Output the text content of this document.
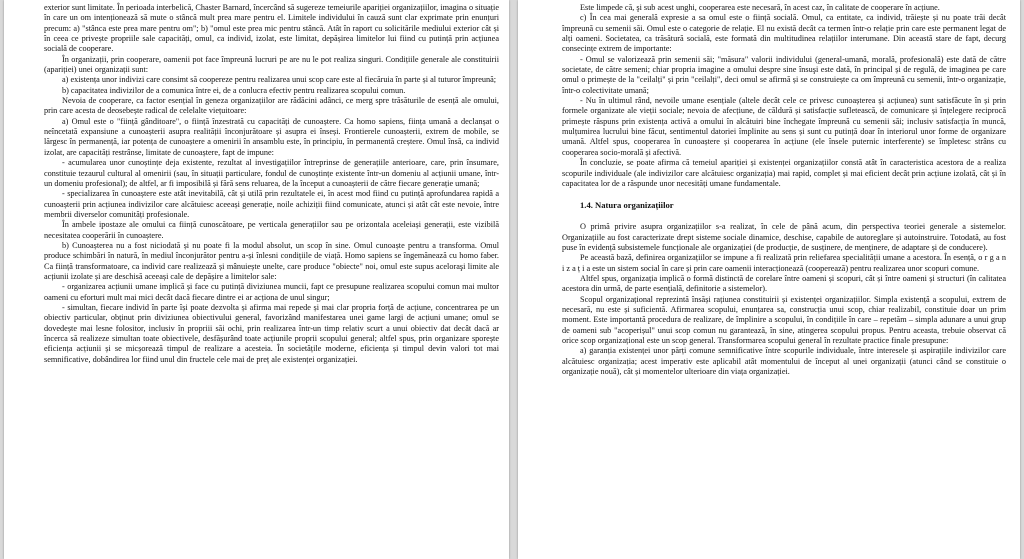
exterior sunt limitate. În perioada interbelică, Chaster Barnard, încercând să sugereze temeiurile apariției organizațiilor, imagina o situație în care un om intenționează să mute o stâncă mult prea mare pentru el. Limitele individului în cauză sunt clar exprimate prin enunțuri precum: a) "stânca este prea mare pentru om"; b) "omul este prea mic pentru stâncă. Atât în raport cu solicitările mediului exterior cât și în ceea ce privește propriile sale capacități, omul, ca individ, izolat, este limitat, depășirea limitelor lui fiind cu putință prin acțiunea socială de cooperare.

În organizații, prin cooperare, oamenii pot face împreună lucruri pe are nu le pot realiza singuri. Condițiile generale ale constituirii (apariției) unei organizații sunt:

a) existența unor indivizi care consimt să coopereze pentru realizarea unui scop care este al fiecăruia în parte și al tuturor împreună;

b) capacitatea indivizilor de a comunica între ei, de a conlucra efectiv pentru realizarea scopului comun.

Nevoia de cooperare, ca factor esențial în geneza organizațiilor are rădăcini adânci, ce merg spre trăsăturile de esență ale omului, prin care acesta de deosebește radical de celelalte viețuitoare:

a) Omul este o "ființă gânditoare", o ființă înzestrată cu capacități de cunoaștere. Ca homo sapiens, ființa umană a declanșat o neîncetată expansiune a cunoașterii asupra realității înconjurătoare și asupra ei înseși. Frontierele cunoașterii, extrem de mobile, se lărgesc în permanență, iar potența de cunoaștere a omenirii în ansamblu este, în principiu, în permanentă creștere. Omul însă, ca individ izolat, are capacități restrânse, limitate de cunoaștere, fapt de impune:

- acumularea unor cunoștințe deja existente, rezultat al investigațiilor întreprinse de generațiile anterioare, care, prin însumare, constituie tezaurul cultural al omenirii (sau, în situații particulare, fondul de cunoștințe existente într-un domeniu al acțiunii umane, într-un domeniu profesional); de altfel, ar fi imposibilă și fără sens reluarea, de la început a cunoașterii de către fiecare generație umană;

- specializarea în cunoaștere este atât inevitabilă, cât și utilă prin rezultatele ei, în acest mod fiind cu putință aprofundarea rapidă a cunoașterii prin acțiunea indivizilor care alcătuiesc aceeași generație, noile achiziții fiind comunicate, atunci și atât cât este nevoie, între membrii diverselor comunități profesionale.

În ambele ipostaze ale omului ca ființă cunoscătoare, pe verticala generațiilor sau pe orizontala aceleiași generații, este vizibilă necesitatea cooperării în cunoaștere.

b) Cunoașterea nu a fost niciodată și nu poate fi la modul absolut, un scop în sine. Omul cunoaște pentru a transforma. Omul produce schimbări în natură, în mediul înconjurător pentru a-și înlesni condițiile de viață. Homo sapiens se îngemănează cu homo faber. Ca ființă transformatoare, ca individ care realizează și mânuiește unelte, care produce "obiecte" noi, omul este supus aceloraşi limite ale acțiunii izolate și are deschisă aceeași cale de depășire a limitelor sale:

- organizarea acțiunii umane implică și face cu putință diviziunea muncii, fapt ce presupune realizarea scopului comun mai multor oameni cu eforturi mult mai mici decât dacă fiecare dintre ei ar acționa de unul singur;

- simultan, fiecare individ în parte își poate dezvolta și afirma mai repede și mai clar propria forță de acțiune, concentrarea pe un obiectiv particular, obținut prin diviziunea obiectivului general, favorizând manifestarea unei game largi de acțiuni umane; omul se dovedește mai lesne folositor, inclusiv în propriii săi ochi, prin realizarea într-un timp relativ scurt a unui obiectiv dat decât dacă ar încerca să realizeze simultan toate obiectivele, desfășurând toate acțiunile proprii scopului general; altfel spus, prin organizare sporește eficiența acțiunii și se micșorează timpul de realizare a acesteia. În societățile moderne, eficiența și timpul devin valori tot mai semnificative, dobândirea lor fiind unul din fructele cele mai de preț ale existenței organizației.

Este limpede că, şi sub acest unghi, cooperarea este necesară, în acest caz, în calitate de cooperare în acțiune.

c) În cea mai generală expresie a sa omul este o ființă socială. Omul, ca entitate, ca individ, trăiește și nu poate trăi decât împreună cu semenii săi. Omul este o categorie de relație. El nu există decât ca termen într-o relație prin care este permanent legat de alți oameni. Societatea, ca trăsătură socială, este formată din multitudinea relațiilor interumane. Din această stare de fapt, decurg consecințe extrem de importante:

- Omul se valorizează prin semenii săi; "măsura" valorii individului (general-umană, morală, profesională) este dată de către societate, de către semeni; chiar propria imagine a omului despre sine însuşi este dată, în principal și de regulă, de imaginea pe care omul o primește de la "ceilalți" și prin "ceilalți", deci omul se afirmă și se construiește ca om împreună cu semenii, într-o organizație, într-o colectivitate umană;

- Nu în ultimul rând, nevoile umane esențiale (altele decât cele ce privesc cunoașterea și acțiunea) sunt satisfăcute în și prin formele organizate ale vieții sociale; nevoia de afecțiune, de căldură și satisfacție sufletească, de comunicare și înțelegere reciprocă primește răspuns prin existența activă a omului în alcătuiri bine închegate împreună cu semenii săi; inclusiv satisfacția în muncă, mulțumirea lucrului bine făcut, sentimentul datoriei împlinite au sens și sunt cu putință doar în interiorul unor forme de organizare umană. Altfel spus, cooperarea în cunoaștere și cooperarea în acțiune (ele însele puternic interferente) se împletesc strâns cu cooperarea socio-morală și afectivă.

În concluzie, se poate afirma că temeiul apariției și existenței organizațiilor constă atât în caracteristica acestora de a realiza scopurile individuale (ale indivizilor care alcătuiesc organizația) mai rapid, complet și mai eficient decât prin acțiune izolată, cât și în capacitatea lor de a răspunde unor necesități umane fundamentale.

1.4. Natura organizațiilor

O primă privire asupra organizațiilor s-a realizat, în cele de până acum, din perspectiva teoriei generale a sistemelor. Organizațiile au fost caracterizate drept sisteme sociale dinamice, deschise, capabile de autoreglare și autoinstruire. Totodată, au fost puse în evidență subsistemele funcționale ale organizației (de producție, de susținere, de menținere, de adaptare și de conducere).

Pe această bază, definirea organizațiilor se impune a fi realizată prin reliefarea specialității umane a acestora. În esență, o r g a n i z a ț i a este un sistem social în care și prin care oamenii interacționează (cooperează) pentru realizarea unor scopuri comune.

Altfel spus, organizația implică o formă distinctă de corelare între oameni și scopuri, cât și între oameni și structuri (în calitatea acestora din urmă, de parte esențială, definitorie a sistemelor).

Scopul organizațional reprezintă însăși rațiunea constituirii și existenței organizațiilor. Simpla existență a scopului, extrem de necesară, nu este și suficientă. Afirmarea scopului, enunțarea sa, construcția unui scop, chiar realizabil, constituie doar un prim moment. Este importantă procedura de realizare, de împlinire a scopului, în condițiile în care – repetăm – simpla adunare a unui grup de oameni sub "acoperișul" unui scop comun nu garantează, în sine, atingerea scopului propus. Pentru aceasta, trebuie observat că orice scop organizațional este un scop general. Transformarea scopului general în rezultate practice finale presupune:

a) garanția existenței unor părți comune semnificative între scopurile individuale, între interesele și aspirațiile indivizilor care alcătuiesc organizația; acest imperativ este aplicabil atât momentului de început al unei organizații (atunci când se constituie o organizație nouă), cât și momentelor ulterioare din viața organizației.
